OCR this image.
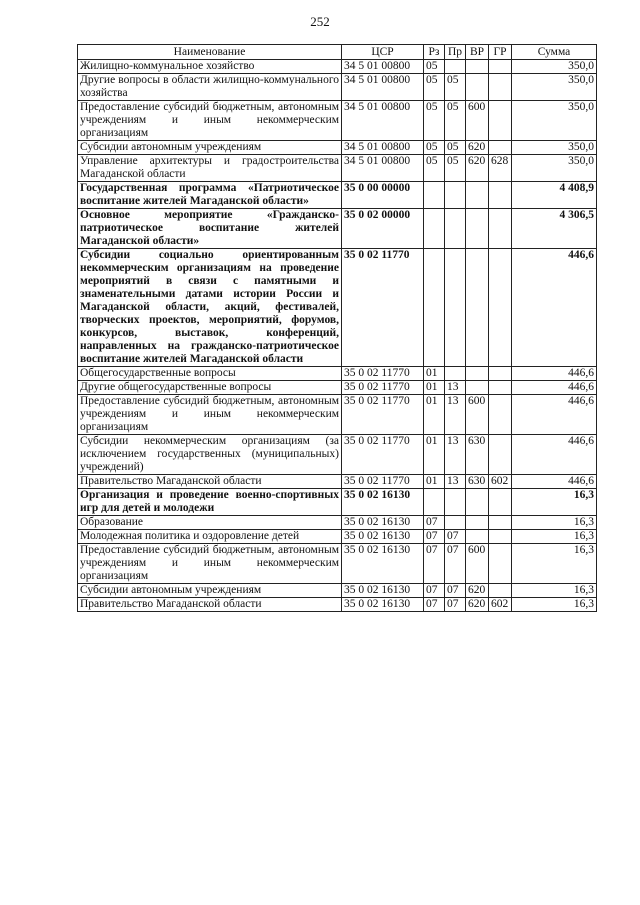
252
Наименование	ЦСР	Рз	Пр	ВР	ГР	Сумма
Жилищно-коммунальное хозяйство	34 5 01 00800	05				350,0
Другие вопросы в области жилищно-коммунального хозяйства	34 5 01 00800	05	05			350,0
Предоставление субсидий бюджетным, автономным учреждениям и иным некоммерческим организациям	34 5 01 00800	05	05	600		350,0
Субсидии автономным учреждениям	34 5 01 00800	05	05	620		350,0
Управление архитектуры и градостроительства Магаданской области	34 5 01 00800	05	05	620	628	350,0
Государственная программа «Патриотическое воспитание жителей Магаданской области»	35 0 00 00000					4 408,9
Основное мероприятие «Гражданско-патриотическое воспитание жителей Магаданской области»	35 0 02 00000					4 306,5
Субсидии социально ориентированным некоммерческим организациям на проведение мероприятий в связи с памятными и знаменательными датами истории России и Магаданской области, акций, фестивалей, творческих проектов, мероприятий, форумов, конкурсов, выставок, конференций, направленных на гражданско-патриотическое воспитание жителей Магаданской области	35 0 02 11770					446,6
Общегосударственные вопросы	35 0 02 11770	01				446,6
Другие общегосударственные вопросы	35 0 02 11770	01	13			446,6
Предоставление субсидий бюджетным, автономным учреждениям и иным некоммерческим организациям	35 0 02 11770	01	13	600		446,6
Субсидии некоммерческим организациям (за исключением государственных (муниципальных) учреждений)	35 0 02 11770	01	13	630		446,6
Правительство Магаданской области	35 0 02 11770	01	13	630	602	446,6
Организация и проведение военно-спортивных игр для детей и молодежи	35 0 02 16130					16,3
Образование	35 0 02 16130	07				16,3
Молодежная политика и оздоровление детей	35 0 02 16130	07	07			16,3
Предоставление субсидий бюджетным, автономным учреждениям и иным некоммерческим организациям	35 0 02 16130	07	07	600		16,3
Субсидии автономным учреждениям	35 0 02 16130	07	07	620		16,3
Правительство Магаданской области	35 0 02 16130	07	07	620	602	16,3
